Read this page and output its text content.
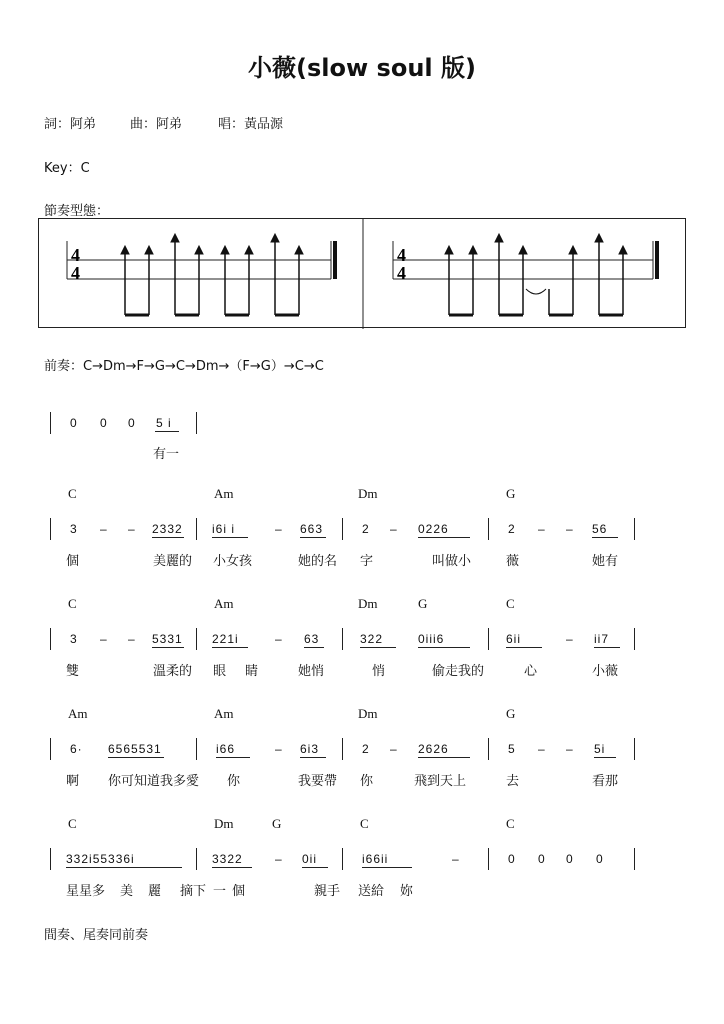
小薇(slow soul 版)
詞：阿弟	曲：阿弟	唱：黃品源
Key：C
節奏型態：
4
4
4
4
前奏：C→Dm→F→G→C→Dm→（F→G）→C→C
0 0 0 5 i
有一
C	Am	Dm	G
3 – – 2332 i6i i	– 663	2 – 0226	2 – – 56
個	美麗的 小女孩	她的名 字	叫做小	薇	她有
C	Am	Dm	G	C
3 – – 5331 221i	– 63	322	0iii6	6ii	– ii7
雙	溫柔的 眼 睛	她悄	悄	偷走我的	心	小薇
Am	Am	Dm	G
6· 6565531	i66	– 6i3	2 – 2626	5 – – 5i
啊 你可知道我多愛 你	我要帶 你	飛到天上	去	看那
C	Dm	G	C	C
332i55336i	3322	– 0ii	i66ii	–	0 0 0 0
星星多 美 麗 摘下 一 個	親手 送給 妳
間奏、尾奏同前奏
